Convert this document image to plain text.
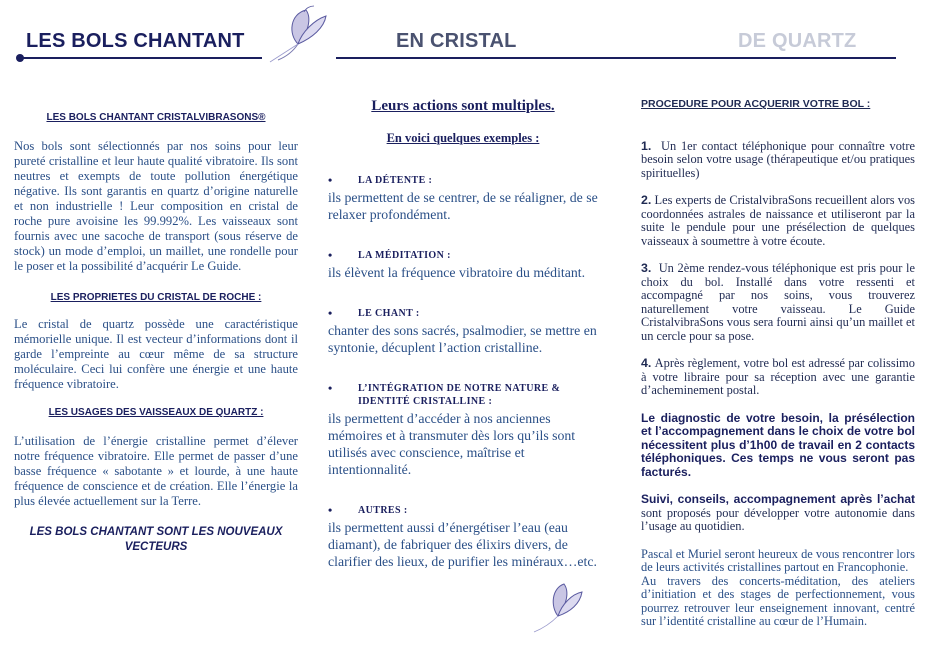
LES BOLS CHANTANT	EN CRISTAL	DE QUARTZ

LES BOLS CHANTANT CRISTALVIBRASONS®

Nos bols sont sélectionnés par nos soins pour leur pureté cristalline et leur haute qualité vibratoire. Ils sont neutres et exempts de toute pollution énergétique négative. Ils sont garantis en quartz d’origine naturelle et non industrielle ! Leur composition en cristal de roche pure avoisine les 99.992%. Les vaisseaux sont fournis avec une sacoche de transport (sous réserve de stock) un mode d’emploi, un maillet, une rondelle pour le poser et la possibilité d’acquérir Le Guide.

LES PROPRIETES DU CRISTAL DE ROCHE :

Le cristal de quartz possède une caractéristique mémorielle unique. Il est vecteur d’informations dont il garde l’empreinte au cœur même de sa structure moléculaire. Ceci lui confère une énergie et une haute fréquence vibratoire.

LES USAGES DES VAISSEAUX DE QUARTZ :

L’utilisation de l’énergie cristalline permet d’élever notre fréquence vibratoire. Elle permet de passer d’une basse fréquence « sabotante » et lourde, à une haute fréquence de conscience et de création. Elle l’énergie la plus élevée actuellement sur la Terre.

LES BOLS CHANTANT SONT LES NOUVEAUX VECTEURS

Leurs actions sont multiples.

En voici quelques exemples :

•	LA DÉTENTE :
ils permettent de se centrer, de se réaligner, de se relaxer profondément.
•	LA MÉDITATION :
ils élèvent la fréquence vibratoire du méditant.
•	LE CHANT :
chanter des sons sacrés, psalmodier, se mettre en syntonie, décuplent l’action cristalline.
•	L’INTÉGRATION DE NOTRE NATURE & IDENTITÉ CRISTALLINE :
ils permettent d’accéder à nos anciennes mémoires et à transmuter dès lors qu’ils sont utilisés avec conscience, maîtrise et intentionnalité.
•	AUTRES :
ils permettent aussi d’énergétiser l’eau (eau diamant), de fabriquer des élixirs divers, de clarifier des lieux, de purifier les minéraux…etc.

PROCEDURE POUR ACQUERIR VOTRE BOL :

1. Un 1er contact téléphonique pour connaître votre besoin selon votre usage (thérapeutique et/ou pratiques spirituelles)

2. Les experts de CristalvibraSons recueillent alors vos coordonnées astrales de naissance et utiliseront par la suite le pendule pour une présélection de quelques vaisseaux à soumettre à votre écoute.

3. Un 2ème rendez-vous téléphonique est pris pour le choix du bol. Installé dans votre ressenti et accompagné par nos soins, vous trouverez naturellement votre vaisseau. Le Guide CristalvibraSons vous sera fourni ainsi qu’un maillet et un cercle pour sa pose.

4. Après règlement, votre bol est adressé par colissimo à votre libraire pour sa réception avec une garantie d’acheminement postal.

Le diagnostic de votre besoin, la présélection et l’accompagnement dans le choix de votre bol nécessitent plus d’1h00 de travail en 2 contacts téléphoniques. Ces temps ne vous seront pas facturés.

Suivi, conseils, accompagnement après l’achat sont proposés pour développer votre autonomie dans l’usage au quotidien.

Pascal et Muriel seront heureux de vous rencontrer lors de leurs activités cristallines partout en Francophonie.

Au travers des concerts-méditation, des ateliers d’initiation et des stages de perfectionnement, vous pourrez retrouver leur enseignement innovant, centré sur l’identité cristalline au cœur de l’Humain.
